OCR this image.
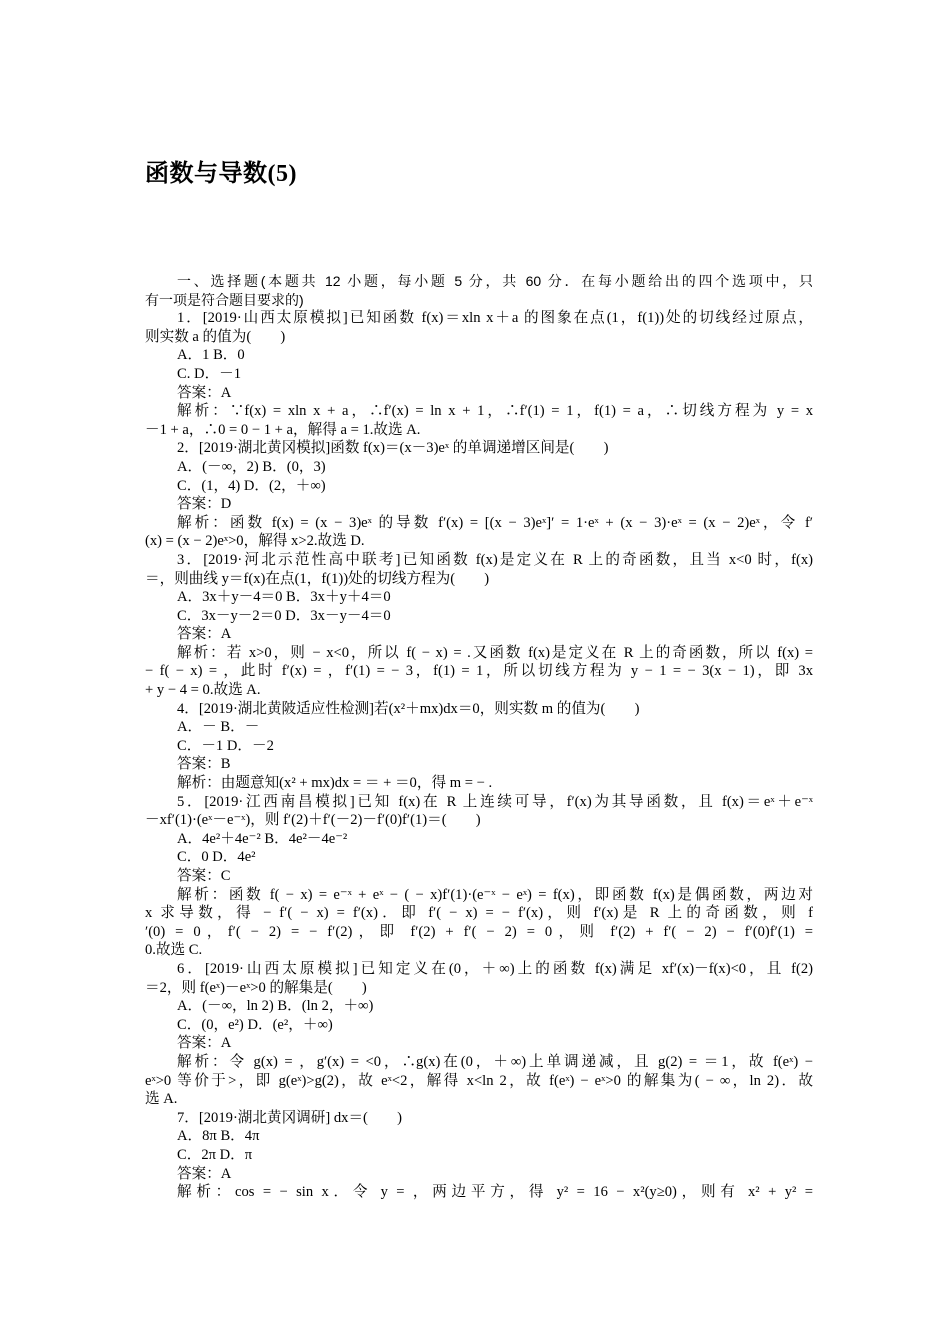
函数与导数(5)
一、选择题(本题共 12 小题，每小题 5 分，共 60 分．在每小题给出的四个选项中，只
有一项是符合题目要求的)
1．[2019·山西太原模拟]已知函数 f(x)＝xln x＋a 的图象在点(1，f(1))处的切线经过原点，
则实数 a 的值为(　　)
A．1 B．0
C. D．－1
答案：A
解析：∵f(x) = xln x + a，∴f′(x) = ln x + 1，∴f′(1) = 1，f(1) = a，∴切线方程为 y = x
－1 + a，∴0 = 0 − 1 + a，解得 a = 1.故选 A.
2．[2019·湖北黄冈模拟]函数 f(x)＝(x－3)eˣ 的单调递增区间是(　　)
A．(－∞，2) B．(0，3)
C．(1，4) D．(2，＋∞)
答案：D
解析：函数 f(x) = (x − 3)eˣ 的导数 f′(x) = [(x − 3)eˣ]′ = 1·eˣ + (x − 3)·eˣ = (x − 2)eˣ，令 f′
(x) = (x − 2)eˣ>0，解得 x>2.故选 D.
3．[2019·河北示范性高中联考]已知函数 f(x)是定义在 R 上的奇函数，且当 x<0 时，f(x)
＝，则曲线 y＝f(x)在点(1，f(1))处的切线方程为(　　)
A．3x＋y－4＝0 B．3x＋y＋4＝0
C．3x－y－2＝0 D．3x－y－4＝0
答案：A
解析：若 x>0，则 − x<0，所以 f( − x) = .又函数 f(x)是定义在 R 上的奇函数，所以 f(x) =
− f( − x) = ，此时 f′(x) = ，f′(1) = − 3，f(1) = 1，所以切线方程为 y − 1 = − 3(x − 1)，即 3x
+ y − 4 = 0.故选 A.
4．[2019·湖北黄陂适应性检测]若(x²＋mx)dx＝0，则实数 m 的值为(　　)
A．－ B．－
C．－1 D．－2
答案：B
解析：由题意知(x² + mx)dx = ＝ + ＝0，得 m = − .
5．[2019·江西南昌模拟]已知 f(x)在 R 上连续可导，f′(x)为其导函数，且 f(x)＝eˣ＋e⁻ˣ
－xf′(1)·(eˣ－e⁻ˣ)，则 f′(2)＋f′(－2)－f′(0)f′(1)＝(　　)
A．4e²＋4e⁻² B．4e²－4e⁻²
C．0 D．4e²
答案：C
解析：函数 f( − x) = e⁻ˣ + eˣ − ( − x)f′(1)·(e⁻ˣ − eˣ) = f(x)，即函数 f(x)是偶函数，两边对
x 求导数，得 − f′( − x) = f′(x)．即 f′( − x) = − f′(x)，则 f′(x)是 R 上的奇函数，则 f
′(0) = 0，f′( − 2) = − f′(2)，即 f′(2) + f′( − 2) = 0，则 f′(2) + f′( − 2) − f′(0)f′(1) =
0.故选 C.
6．[2019·山西太原模拟]已知定义在(0，＋∞)上的函数 f(x)满足 xf′(x)－f(x)<0，且 f(2)
＝2，则 f(eˣ)－eˣ>0 的解集是(　　)
A．(－∞，ln 2) B．(ln 2，＋∞)
C．(0，e²) D．(e²，＋∞)
答案：A
解析：令 g(x) = ，g′(x) = <0，∴g(x)在(0，＋∞)上单调递减，且 g(2) = ＝1，故 f(eˣ) −
eˣ>0 等价于>，即 g(eˣ)>g(2)，故 eˣ<2，解得 x<ln 2，故 f(eˣ) − eˣ>0 的解集为( − ∞，ln 2)．故
选 A.
7．[2019·湖北黄冈调研] dx＝(　　)
A．8π B．4π
C．2π D．π
答案：A
解析：cos = − sin x．令 y = ，两边平方，得 y² = 16 − x²(y≥0)，则有 x² + y² =
